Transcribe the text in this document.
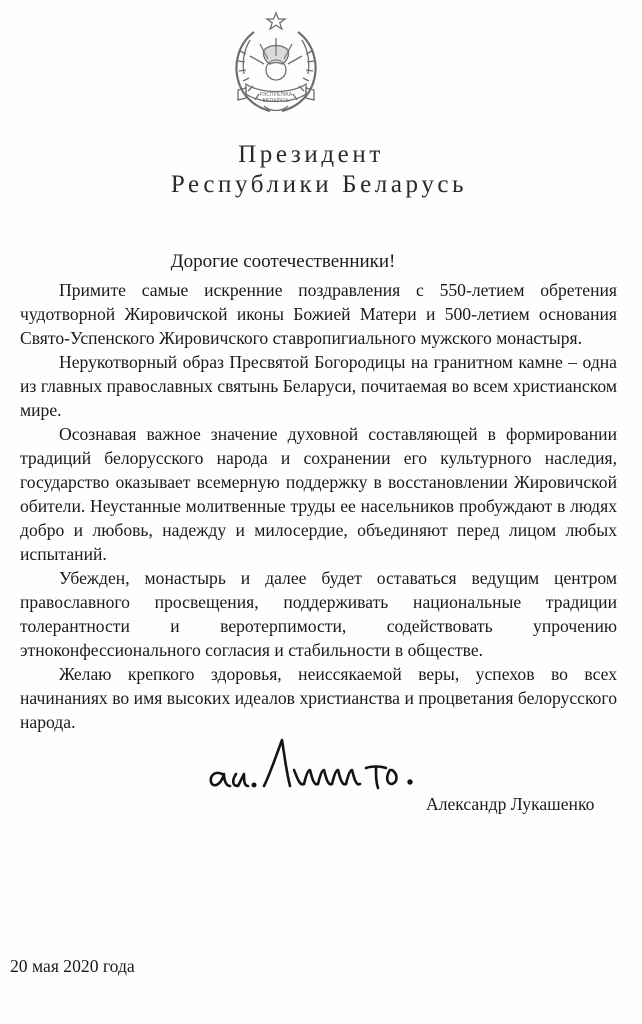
РЭСПУБЛІКА
БЕЛАРУСЬ
Президент
Республики Беларусь
Дорогие соотечественники!

Примите самые искренние поздравления с 550-летием обретения чудотворной Жировичской иконы Божией Матери и 500-летием основания Свято-Успенского Жировичского ставропигиального мужского монастыря.

Нерукотворный образ Пресвятой Богородицы на гранитном камне – одна из главных православных святынь Беларуси, почитаемая во всем христианском мире.

Осознавая важное значение духовной составляющей в формировании традиций белорусского народа и сохранении его культурного наследия, государство оказывает всемерную поддержку в восстановлении Жировичской обители. Неустанные молитвенные труды ее насельников пробуждают в людях добро и любовь, надежду и милосердие, объединяют перед лицом любых испытаний.

Убежден, монастырь и далее будет оставаться ведущим центром православного просвещения, поддерживать национальные традиции толерантности и веротерпимости, содействовать упрочению этноконфессионального согласия и стабильности в обществе.

Желаю крепкого здоровья, неиссякаемой веры, успехов во всех начинаниях во имя высоких идеалов христианства и процветания белорусского народа.

Александр Лукашенко
20 мая 2020 года
